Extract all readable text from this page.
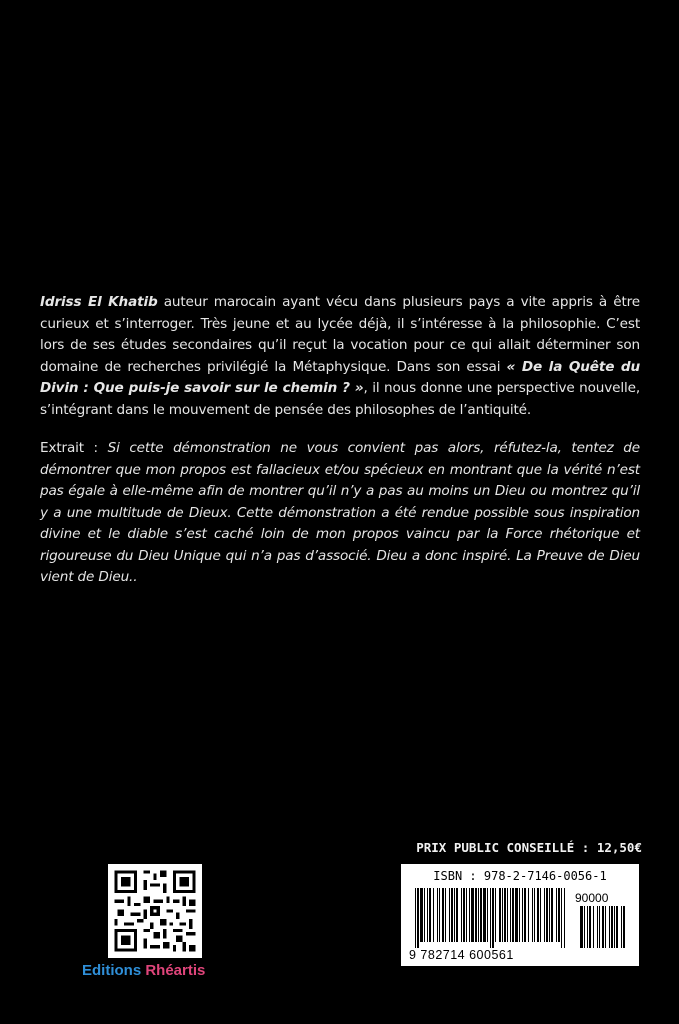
Idriss El Khatib auteur marocain ayant vécu dans plusieurs pays a vite appris à être curieux et s’interroger. Très jeune et au lycée déjà, il s’intéresse à la philosophie. C’est lors de ses études secondaires qu’il reçut la vocation pour ce qui allait déterminer son domaine de recherches privilégié la Métaphysique. Dans son essai « De la Quête du Divin : Que puis-je savoir sur le chemin ? », il nous donne une perspective nouvelle, s’intégrant dans le mouvement de pensée des philosophes de l’antiquité.
Extrait : Si cette démonstration ne vous convient pas alors, réfutez-la, tentez de démontrer que mon propos est fallacieux et/ou spécieux en montrant que la vérité n’est pas égale à elle-même afin de montrer qu’il n’y a pas au moins un Dieu ou montrez qu’il y a une multitude de Dieux. Cette démonstration a été rendue possible sous inspiration divine et le diable s’est caché loin de mon propos vaincu par la Force rhétorique et rigoureuse du Dieu Unique qui n’a pas d’associé. Dieu a donc inspiré. La Preuve de Dieu vient de Dieu..
Editions Rhéartis
PRIX PUBLIC CONSEILLÉ : 12,50€
ISBN : 978-2-7146-0056-1
90000
9 782714 600561
